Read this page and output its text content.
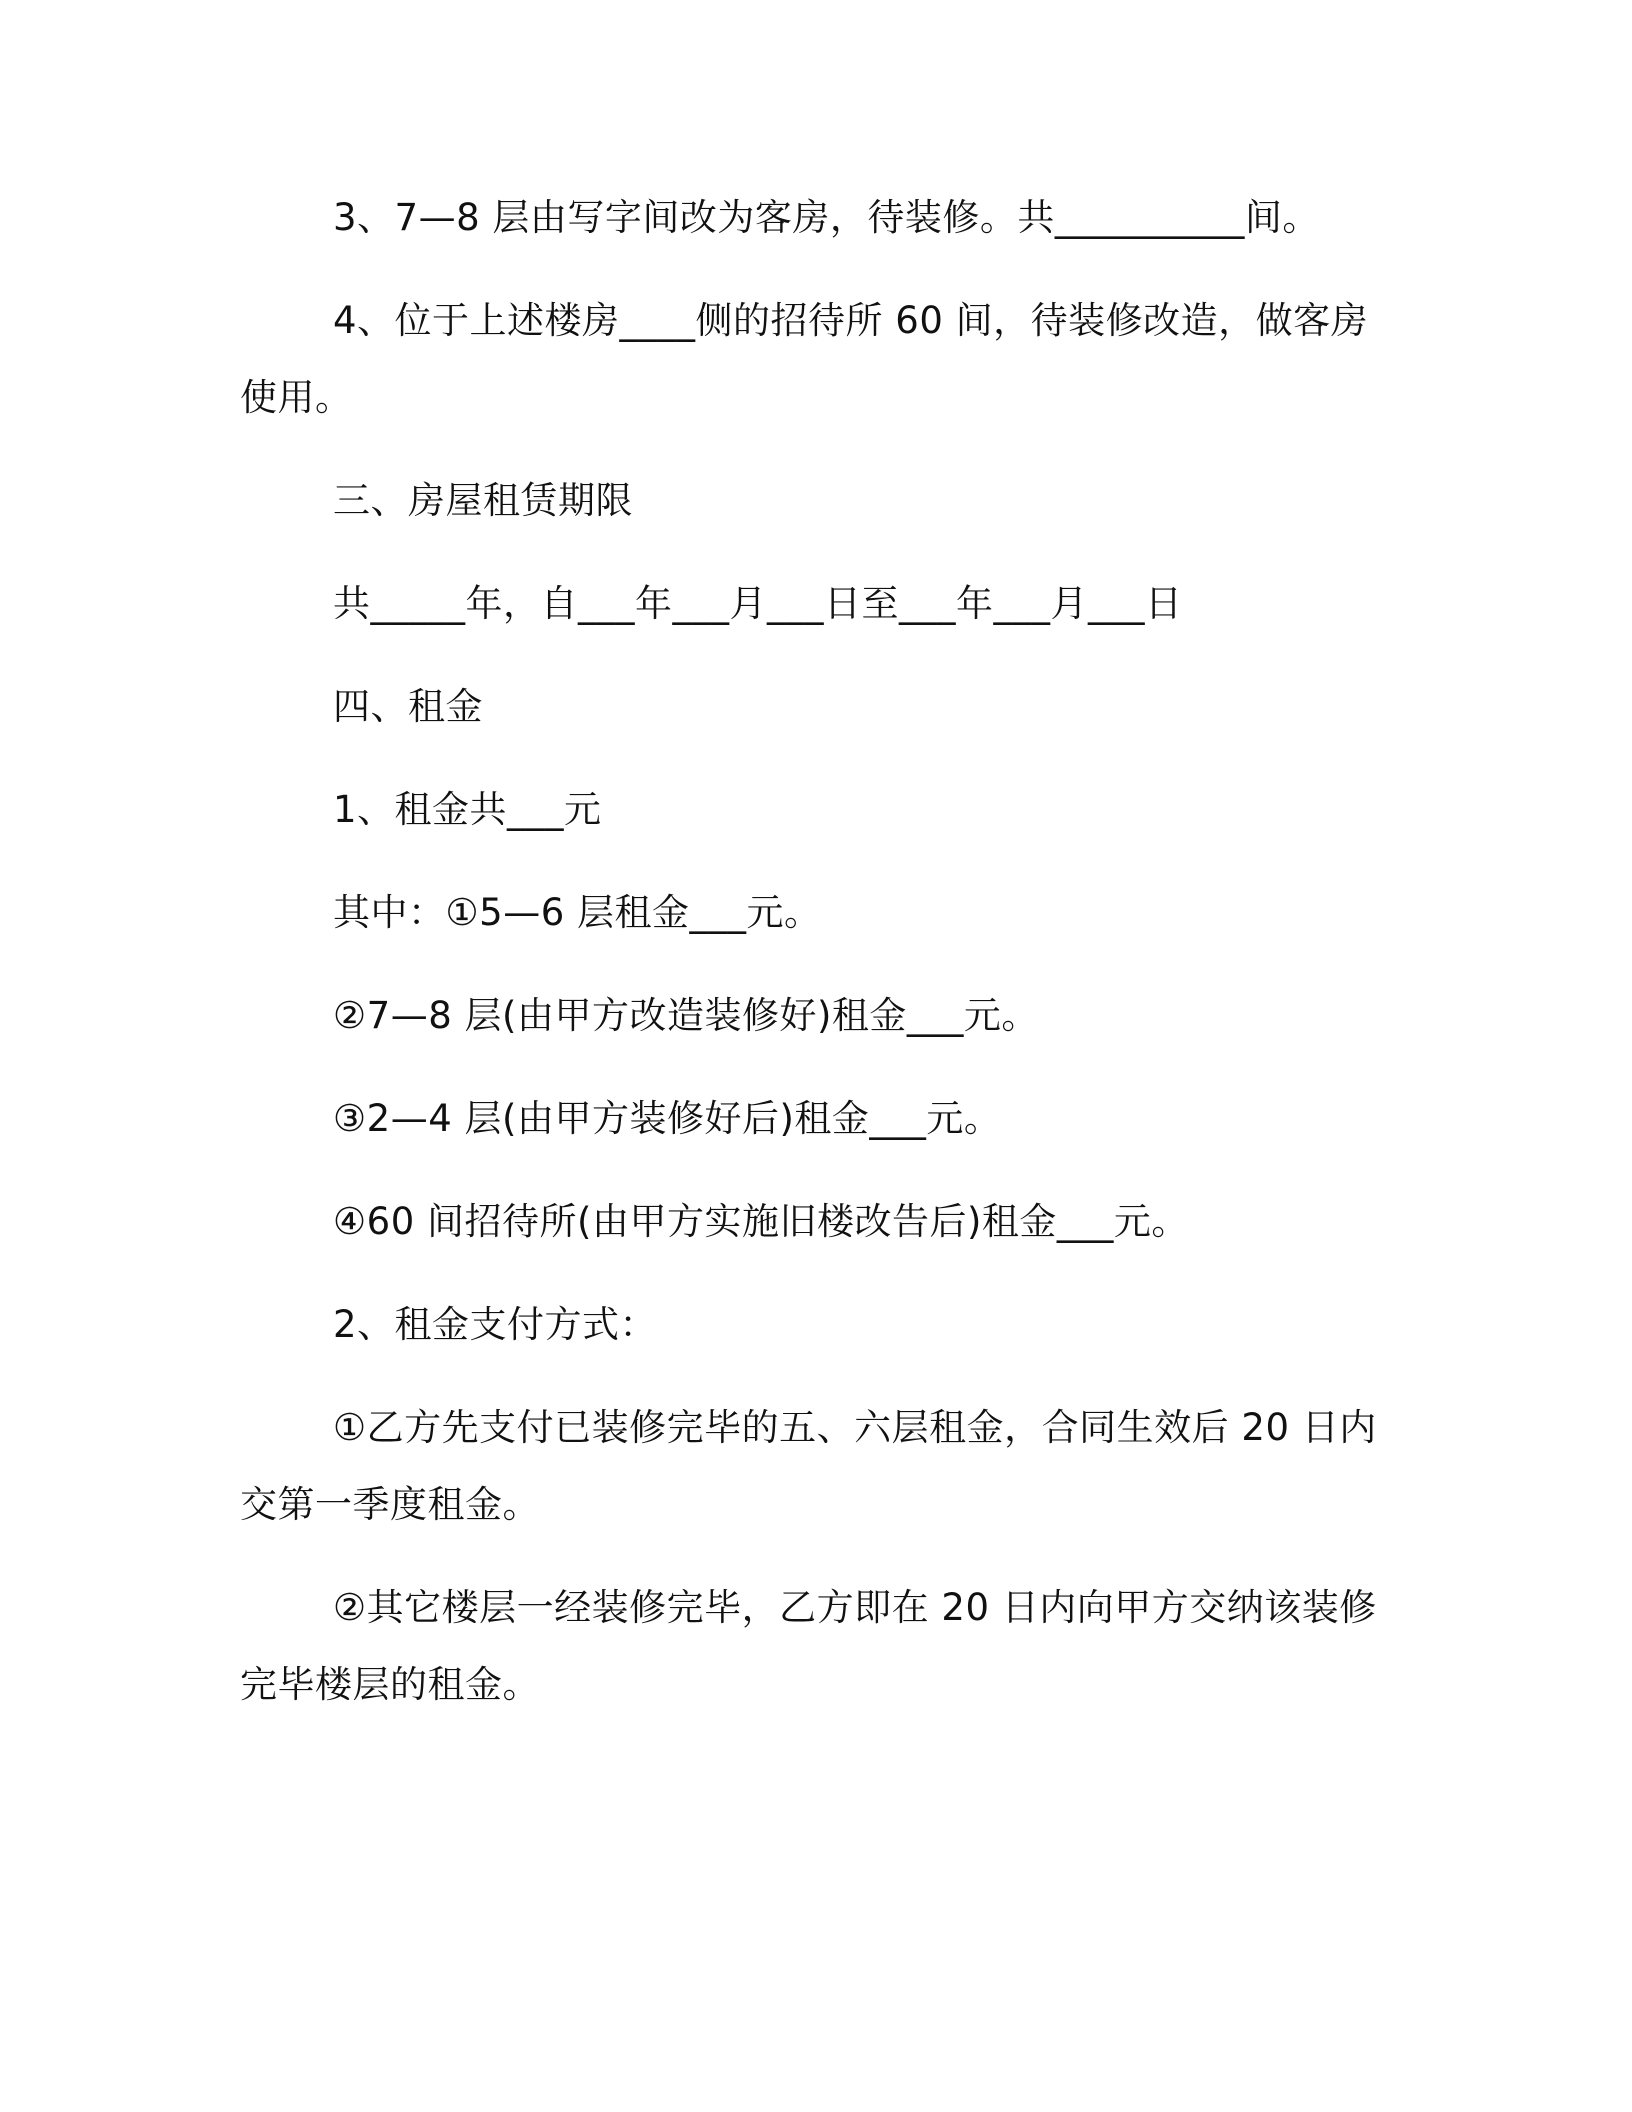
3、7—8 层由写字间改为客房，待装修。共__________间。
4、位于上述楼房____侧的招待所 60 间，待装修改造，做客房
使用。
三、房屋租赁期限
共_____年，自___年___月___日至___年___月___日
四、租金
1、租金共___元
其中：①5—6 层租金___元。
②7—8 层(由甲方改造装修好)租金___元。
③2—4 层(由甲方装修好后)租金___元。
④60 间招待所(由甲方实施旧楼改告后)租金___元。
2、租金支付方式：
①乙方先支付已装修完毕的五、六层租金，合同生效后 20 日内
交第一季度租金。
②其它楼层一经装修完毕，乙方即在 20 日内向甲方交纳该装修
完毕楼层的租金。
